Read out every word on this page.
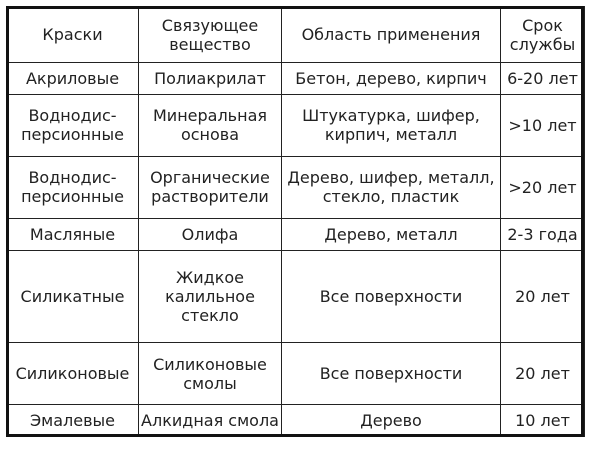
Краски	Связующее вещество	Область применения	Срок службы
Акриловые	Полиакрилат	Бетон, дерево, кирпич	6-20 лет
Воднодис-персионные	Минеральная основа	Штукатурка, шифер, кирпич, металл	>10 лет
Воднодис-персионные	Органические растворители	Дерево, шифер, металл, стекло, пластик	>20 лет
Масляные	Олифа	Дерево, металл	2-3 года
Силикатные	Жидкое калильное стекло	Все поверхности	20 лет
Силиконовые	Силиконовые смолы	Все поверхности	20 лет
Эмалевые	Алкидная смола	Дерево	10 лет
